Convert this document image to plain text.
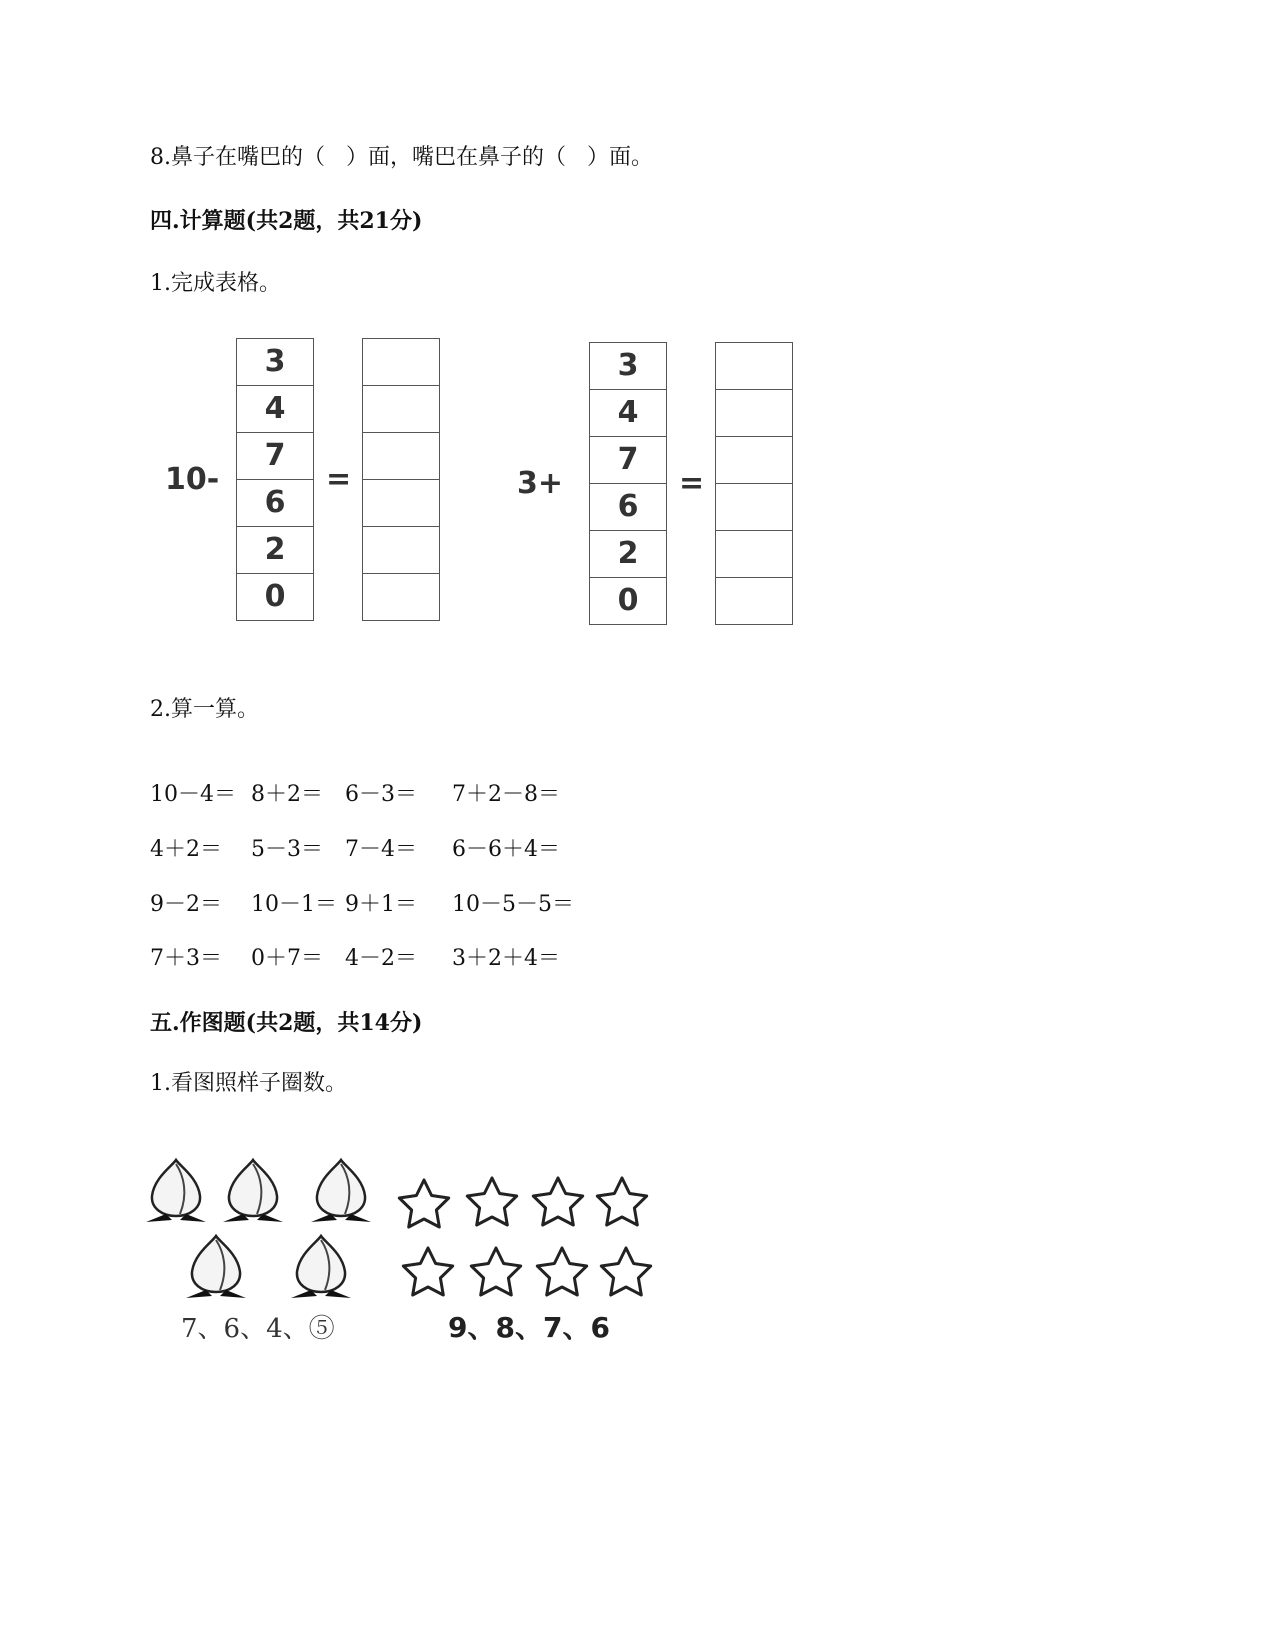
8.鼻子在嘴巴的（   ）面，嘴巴在鼻子的（   ）面。
四.计算题(共2题，共21分)
1.完成表格。
10-
3
4
7
6
2
0
=	3+
3
4
7
6
2
0
=
2.算一算。
10－4＝ 8＋2＝ 6－3＝ 7＋2－8＝
4＋2＝ 5－3＝ 7－4＝ 6－6＋4＝
9－2＝ 10－1＝ 9＋1＝ 10－5－5＝
7＋3＝ 0＋7＝ 4－2＝ 3＋2＋4＝
五.作图题(共2题，共14分)
1.看图照样子圈数。
7、6、4、⑤	9、8、7、6
